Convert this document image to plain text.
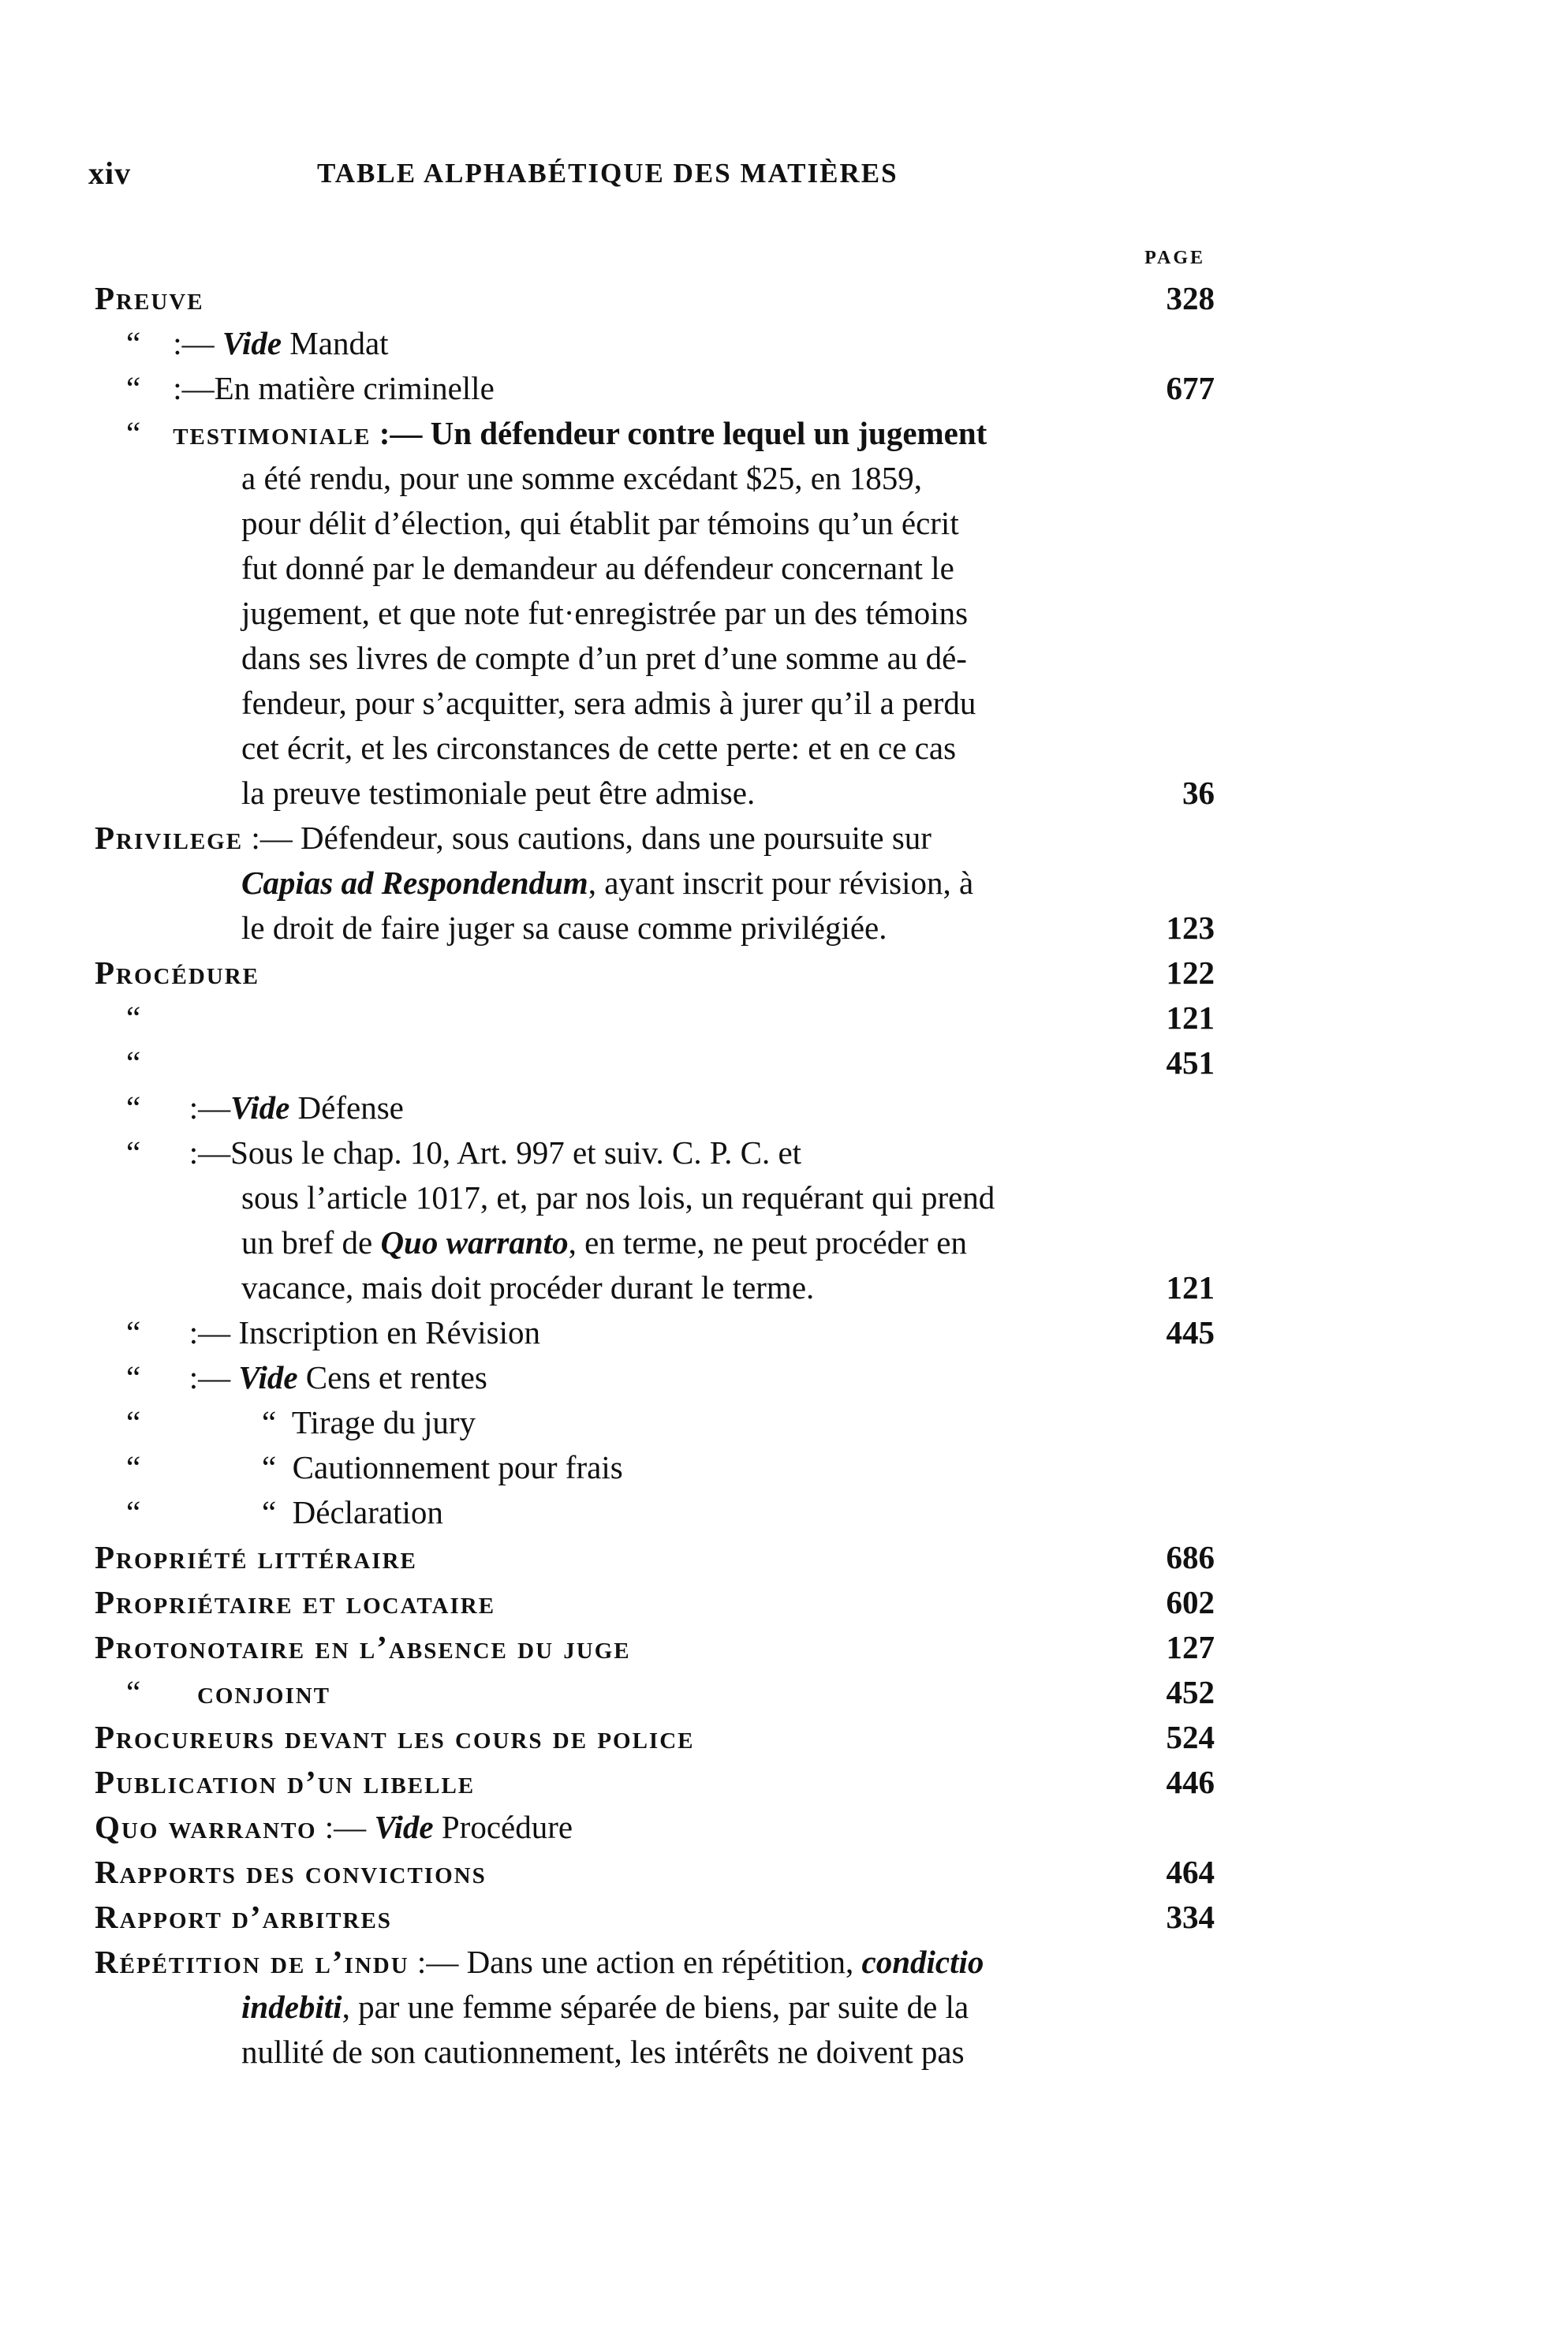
xiv	TABLE ALPHABÉTIQUE DES MATIÈRES
PAGE
Preuve	328
“    :— Vide Mandat
“    :—En matière criminelle	677
“ testimoniale :— Un défendeur contre lequel un jugement
a été rendu, pour une somme excédant $25, en 1859,
pour délit d’élection, qui établit par témoins qu’un écrit
fut donné par le demandeur au défendeur concernant le
jugement, et que note fut·enregistrée par un des témoins
dans ses livres de compte d’un pret d’une somme au dé-
fendeur, pour s’acquitter, sera admis à jurer qu’il a perdu
cet écrit, et les circonstances de cette perte: et en ce cas
la preuve testimoniale peut être admise.	36
Privilege :— Défendeur, sous cautions, dans une poursuite sur
Capias ad Respondendum, ayant inscrit pour révision, à
le droit de faire juger sa cause comme privilégiée.	123
Procédure	122
“	121
“	451
“      :—Vide Défense
“      :—Sous le chap. 10, Art. 997 et suiv. C. P. C. et
sous l’article 1017, et, par nos lois, un requérant qui prend
un bref de Quo warranto, en terme, ne peut procéder en
vacance, mais doit procéder durant le terme.	121
“      :— Inscription en Révision	445
“      :— Vide Cens et rentes
“               “  Tirage du jury
“               “  Cautionnement pour frais
“               “  Déclaration
Propriété littéraire	686
Propriétaire et locataire	602
Protonotaire en l’absence du juge	127
“ conjoint	452
Procureurs devant les cours de police	524
Publication d’un libelle	446
Quo warranto :— Vide Procédure
Rapports des convictions	464
Rapport d’arbitres	334
Répétition de l’indu :— Dans une action en répétition, condictio
indebiti, par une femme séparée de biens, par suite de la
nullité de son cautionnement, les intérêts ne doivent pas
